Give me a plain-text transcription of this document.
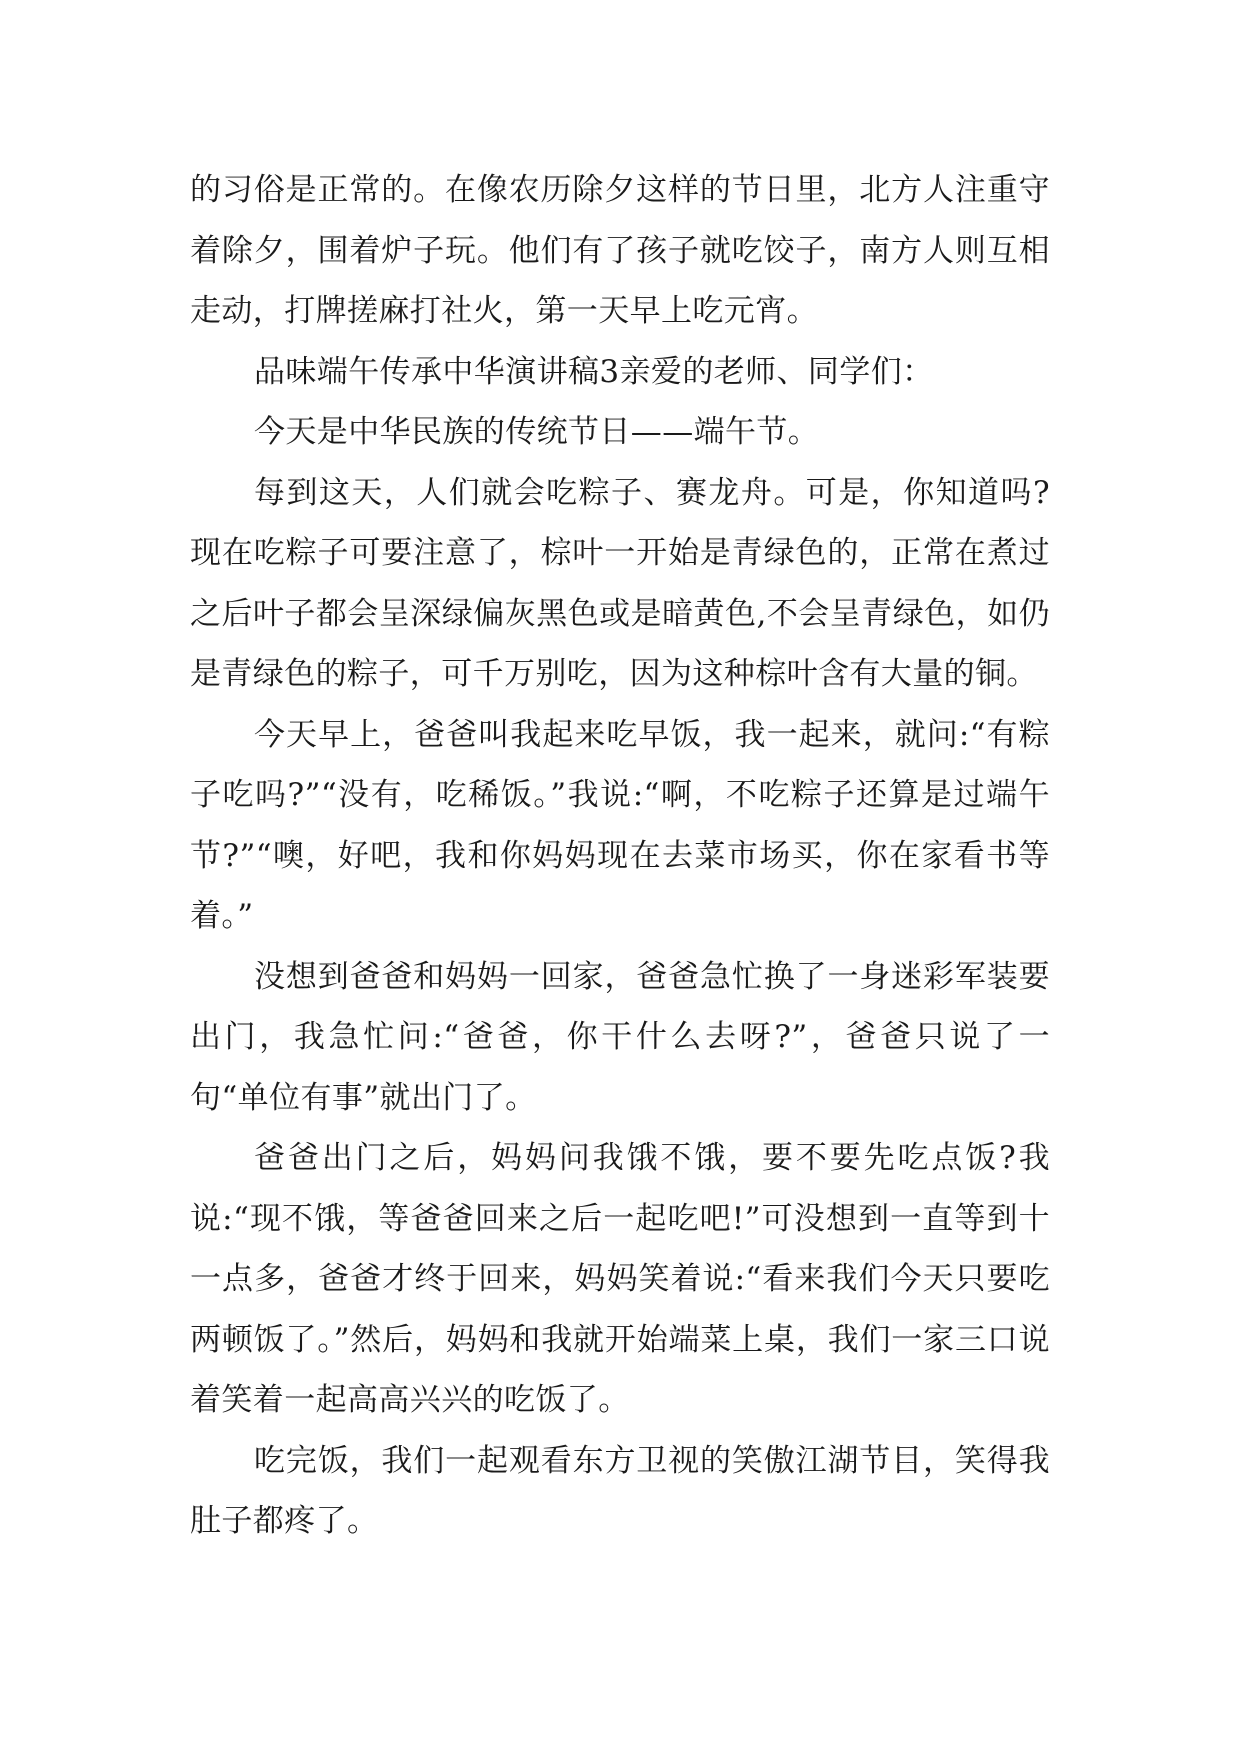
的习俗是正常的。在像农历除夕这样的节日里，北方人注重守着除夕，围着炉子玩。他们有了孩子就吃饺子，南方人则互相走动，打牌搓麻打社火，第一天早上吃元宵。

品味端午传承中华演讲稿3亲爱的老师、同学们：

今天是中华民族的传统节日——端午节。

每到这天，人们就会吃粽子、赛龙舟。可是，你知道吗?现在吃粽子可要注意了，棕叶一开始是青绿色的，正常在煮过之后叶子都会呈深绿偏灰黑色或是暗黄色,不会呈青绿色，如仍是青绿色的粽子，可千万别吃，因为这种棕叶含有大量的铜。

今天早上，爸爸叫我起来吃早饭，我一起来，就问:“有粽子吃吗?”“没有，吃稀饭。”我说:“啊，不吃粽子还算是过端午节?”“噢，好吧，我和你妈妈现在去菜市场买，你在家看书等着。”

没想到爸爸和妈妈一回家，爸爸急忙换了一身迷彩军装要出门，我急忙问:“爸爸，你干什么去呀?”，爸爸只说了一句“单位有事”就出门了。

爸爸出门之后，妈妈问我饿不饿，要不要先吃点饭?我说:“现不饿，等爸爸回来之后一起吃吧!”可没想到一直等到十一点多，爸爸才终于回来，妈妈笑着说:“看来我们今天只要吃两顿饭了。”然后，妈妈和我就开始端菜上桌，我们一家三口说着笑着一起高高兴兴的吃饭了。

吃完饭，我们一起观看东方卫视的笑傲江湖节目，笑得我肚子都疼了。
